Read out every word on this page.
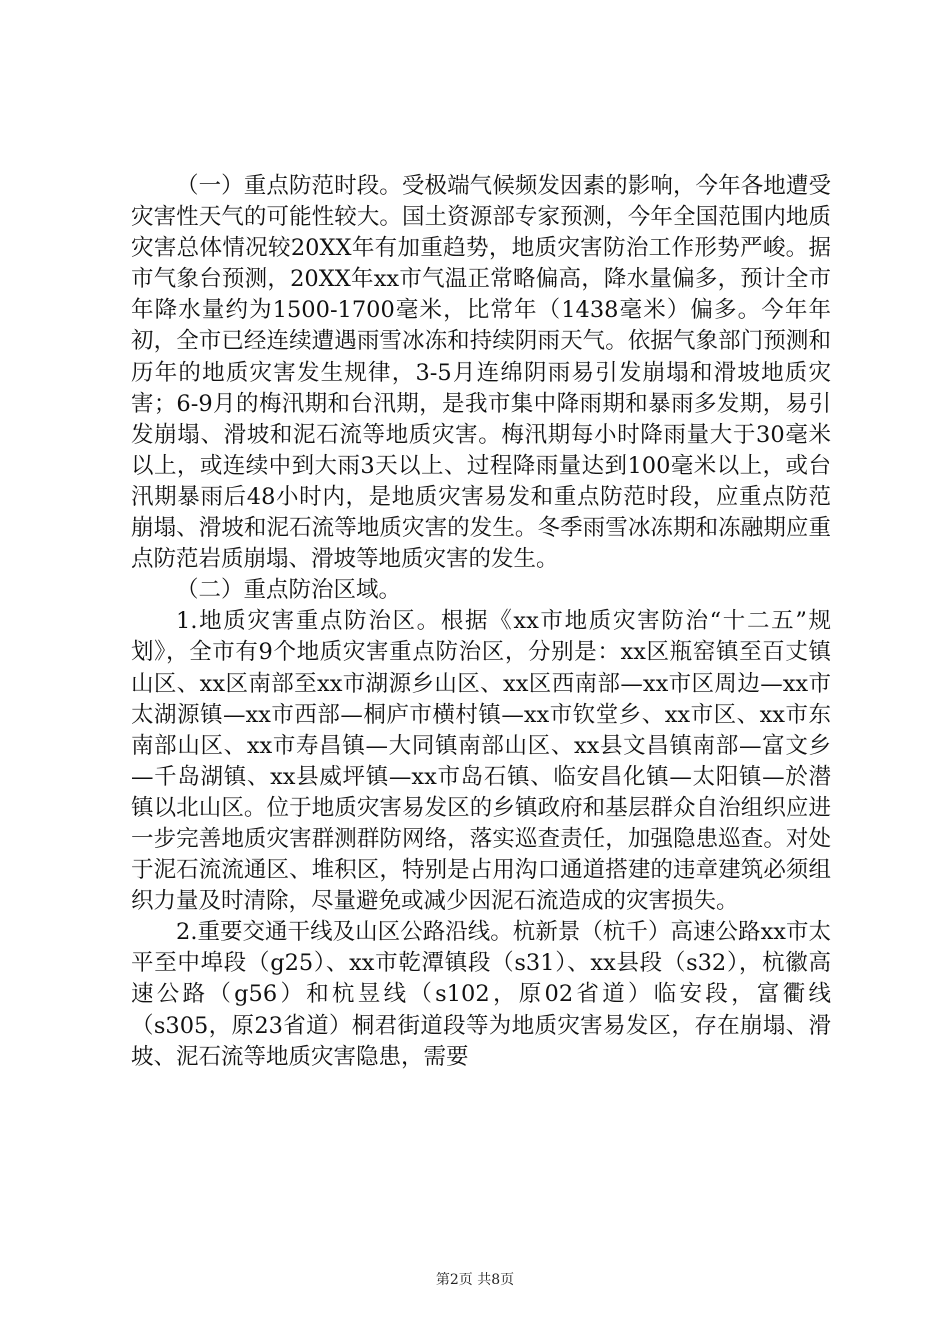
（一）重点防范时段。受极端气候频发因素的影响，今年各地遭受灾害性天气的可能性较大。国土资源部专家预测，今年全国范围内地质灾害总体情况较20XX年有加重趋势，地质灾害防治工作形势严峻。据市气象台预测，20XX年xx市气温正常略偏高，降水量偏多，预计全市年降水量约为1500-1700毫米，比常年（1438毫米）偏多。今年年初，全市已经连续遭遇雨雪冰冻和持续阴雨天气。依据气象部门预测和历年的地质灾害发生规律，3-5月连绵阴雨易引发崩塌和滑坡地质灾害；6-9月的梅汛期和台汛期，是我市集中降雨期和暴雨多发期，易引发崩塌、滑坡和泥石流等地质灾害。梅汛期每小时降雨量大于30毫米以上，或连续中到大雨3天以上、过程降雨量达到100毫米以上，或台汛期暴雨后48小时内，是地质灾害易发和重点防范时段，应重点防范崩塌、滑坡和泥石流等地质灾害的发生。冬季雨雪冰冻期和冻融期应重点防范岩质崩塌、滑坡等地质灾害的发生。

（二）重点防治区域。

1.地质灾害重点防治区。根据《xx市地质灾害防治“十二五”规划》，全市有9个地质灾害重点防治区，分别是：xx区瓶窑镇至百丈镇山区、xx区南部至xx市湖源乡山区、xx区西南部—xx市区周边—xx市太湖源镇—xx市西部—桐庐市横村镇—xx市钦堂乡、xx市区、xx市东南部山区、xx市寿昌镇—大同镇南部山区、xx县文昌镇南部—富文乡—千岛湖镇、xx县威坪镇—xx市岛石镇、临安昌化镇—太阳镇—於潜镇以北山区。位于地质灾害易发区的乡镇政府和基层群众自治组织应进一步完善地质灾害群测群防网络，落实巡查责任，加强隐患巡查。对处于泥石流流通区、堆积区，特别是占用沟口通道搭建的违章建筑必须组织力量及时清除，尽量避免或减少因泥石流造成的灾害损失。

2.重要交通干线及山区公路沿线。杭新景（杭千）高速公路xx市太平至中埠段（g25）、xx市乾潭镇段（s31）、xx县段（s32），杭徽高速公路（g56）和杭昱线（s102，原02省道）临安段，富衢线（s305，原23省道）桐君街道段等为地质灾害易发区，存在崩塌、滑坡、泥石流等地质灾害隐患，需要

第2页 共8页
